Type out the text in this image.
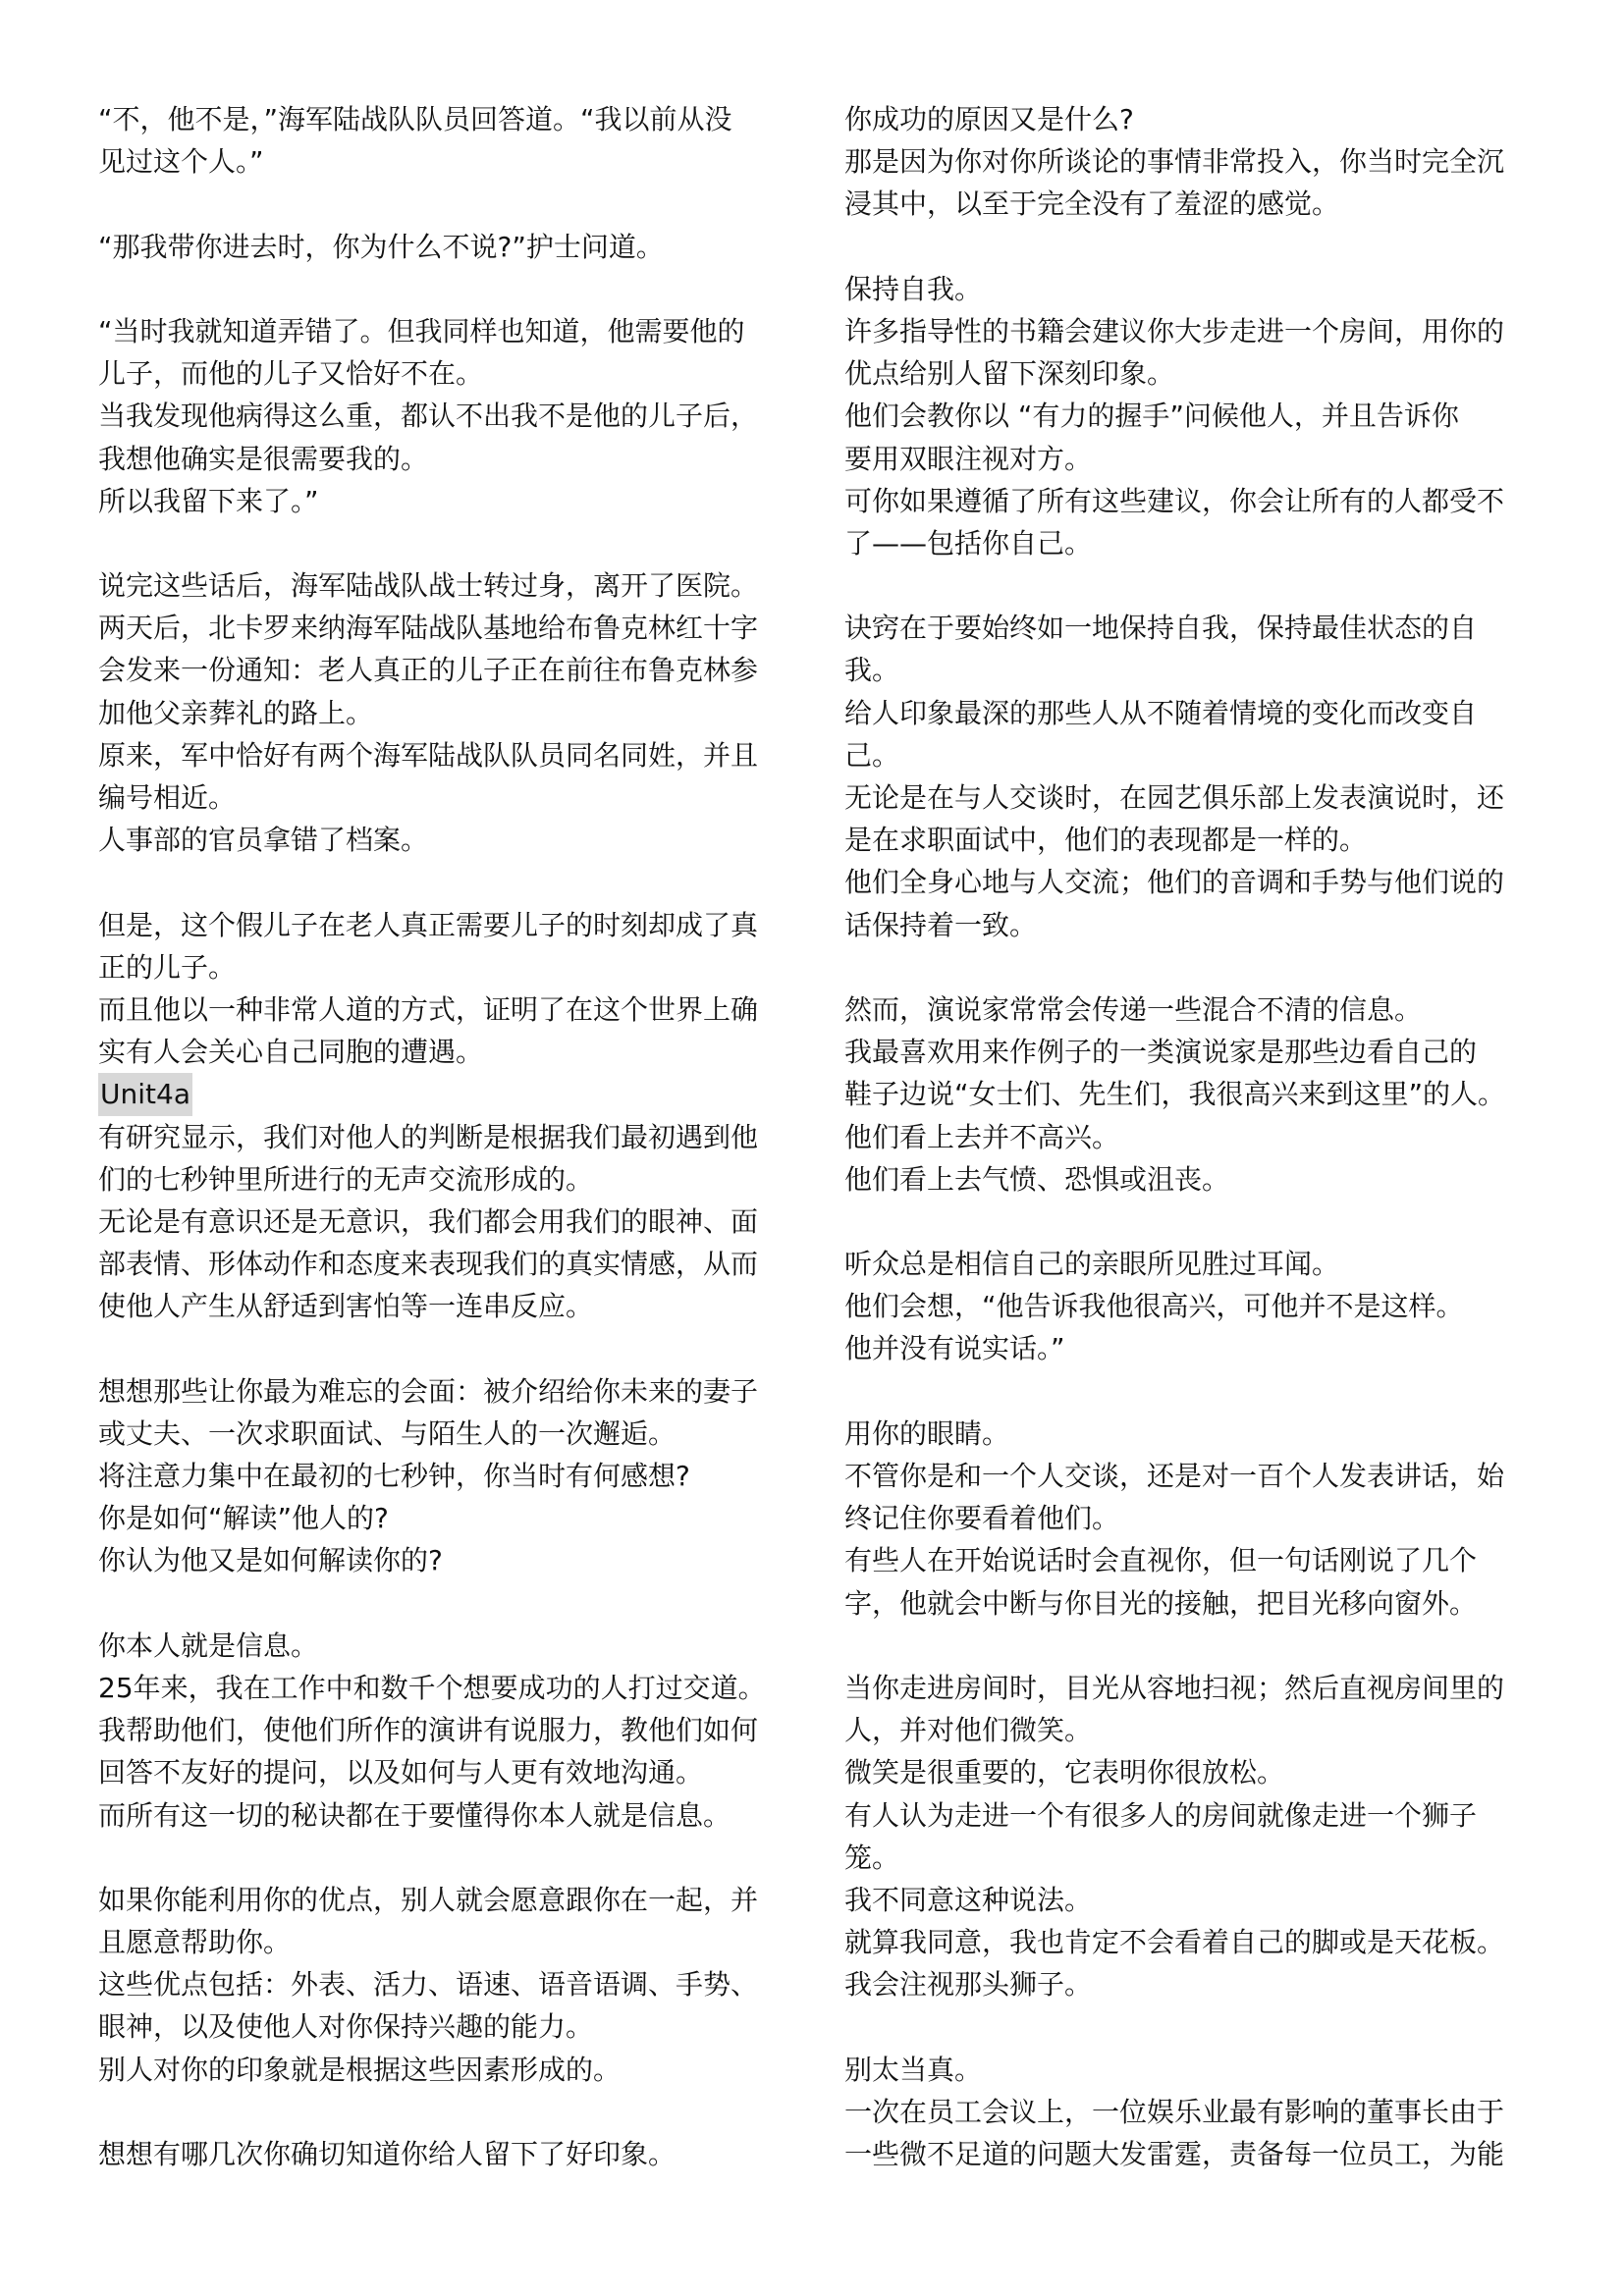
“不，他不是，”海军陆战队队员回答道。“我以前从没
见过这个人。”
“那我带你进去时，你为什么不说?”护士问道。
“当时我就知道弄错了。但我同样也知道，他需要他的
儿子，而他的儿子又恰好不在。
当我发现他病得这么重，都认不出我不是他的儿子后，
我想他确实是很需要我的。
所以我留下来了。”
说完这些话后，海军陆战队战士转过身，离开了医院。
两天后，北卡罗来纳海军陆战队基地给布鲁克林红十字
会发来一份通知：老人真正的儿子正在前往布鲁克林参
加他父亲葬礼的路上。
原来，军中恰好有两个海军陆战队队员同名同姓，并且
编号相近。
人事部的官员拿错了档案。
但是，这个假儿子在老人真正需要儿子的时刻却成了真
正的儿子。
而且他以一种非常人道的方式，证明了在这个世界上确
实有人会关心自己同胞的遭遇。
Unit4a
有研究显示，我们对他人的判断是根据我们最初遇到他
们的七秒钟里所进行的无声交流形成的。
无论是有意识还是无意识，我们都会用我们的眼神、面
部表情、形体动作和态度来表现我们的真实情感，从而
使他人产生从舒适到害怕等一连串反应。
想想那些让你最为难忘的会面：被介绍给你未来的妻子
或丈夫、一次求职面试、与陌生人的一次邂逅。
将注意力集中在最初的七秒钟，你当时有何感想?
你是如何“解读”他人的?
你认为他又是如何解读你的?
你本人就是信息。
25年来，我在工作中和数千个想要成功的人打过交道。
我帮助他们，使他们所作的演讲有说服力，教他们如何
回答不友好的提问，以及如何与人更有效地沟通。
而所有这一切的秘诀都在于要懂得你本人就是信息。
如果你能利用你的优点，别人就会愿意跟你在一起，并
且愿意帮助你。
这些优点包括：外表、活力、语速、语音语调、手势、
眼神，以及使他人对你保持兴趣的能力。
别人对你的印象就是根据这些因素形成的。
想想有哪几次你确切知道你给人留下了好印象。
你成功的原因又是什么?
那是因为你对你所谈论的事情非常投入，你当时完全沉
浸其中，以至于完全没有了羞涩的感觉。
保持自我。
许多指导性的书籍会建议你大步走进一个房间，用你的
优点给别人留下深刻印象。
他们会教你以 “有力的握手”问候他人，并且告诉你
要用双眼注视对方。
可你如果遵循了所有这些建议，你会让所有的人都受不
了——包括你自己。
诀窍在于要始终如一地保持自我，保持最佳状态的自
我。
给人印象最深的那些人从不随着情境的变化而改变自
己。
无论是在与人交谈时，在园艺俱乐部上发表演说时，还
是在求职面试中，他们的表现都是一样的。
他们全身心地与人交流；他们的音调和手势与他们说的
话保持着一致。
然而，演说家常常会传递一些混合不清的信息。
我最喜欢用来作例子的一类演说家是那些边看自己的
鞋子边说“女士们、先生们，我很高兴来到这里”的人。
他们看上去并不高兴。
他们看上去气愤、恐惧或沮丧。
听众总是相信自己的亲眼所见胜过耳闻。
他们会想，“他告诉我他很高兴，可他并不是这样。
他并没有说实话。”
用你的眼睛。
不管你是和一个人交谈，还是对一百个人发表讲话，始
终记住你要看着他们。
有些人在开始说话时会直视你，但一句话刚说了几个
字，他就会中断与你目光的接触，把目光移向窗外。
当你走进房间时，目光从容地扫视；然后直视房间里的
人，并对他们微笑。
微笑是很重要的，它表明你很放松。
有人认为走进一个有很多人的房间就像走进一个狮子
笼。
我不同意这种说法。
就算我同意，我也肯定不会看着自己的脚或是天花板。
我会注视那头狮子。
别太当真。
一次在员工会议上，一位娱乐业最有影响的董事长由于
一些微不足道的问题大发雷霆，责备每一位员工，为能
